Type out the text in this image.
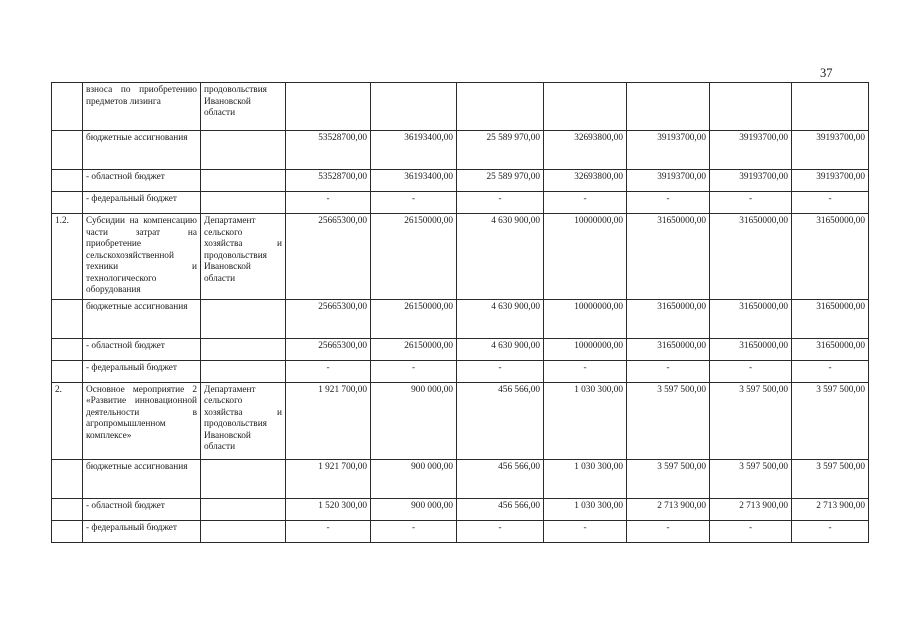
37
	взноса по приобретению предметов лизинга	продовольствия Ивановской области							
	бюджетные ассигнования		53528700,00	36193400,00	25 589 970,00	32693800,00	39193700,00	39193700,00	39193700,00
	- областной бюджет		53528700,00	36193400,00	25 589 970,00	32693800,00	39193700,00	39193700,00	39193700,00
	- федеральный бюджет		-	-	-	-	-	-	-
1.2.	Субсидии на компенсацию части затрат на приобретение сельскохозяйственной техники и технологического оборудования	Департамент сельского хозяйства и продовольствия Ивановской области	25665300,00	26150000,00	4 630 900,00	10000000,00	31650000,00	31650000,00	31650000,00
	бюджетные ассигнования		25665300,00	26150000,00	4 630 900,00	10000000,00	31650000,00	31650000,00	31650000,00
	- областной бюджет		25665300,00	26150000,00	4 630 900,00	10000000,00	31650000,00	31650000,00	31650000,00
	- федеральный бюджет		-	-	-	-	-	-	-
2.	Основное мероприятие 2 «Развитие инновационной деятельности в агропромышленном комплексе»	Департамент сельского хозяйства и продовольствия Ивановской области	1 921 700,00	900 000,00	456 566,00	1 030 300,00	3 597 500,00	3 597 500,00	3 597 500,00
	бюджетные ассигнования		1 921 700,00	900 000,00	456 566,00	1 030 300,00	3 597 500,00	3 597 500,00	3 597 500,00
	- областной бюджет		1 520 300,00	900 000,00	456 566,00	1 030 300,00	2 713 900,00	2 713 900,00	2 713 900,00
	- федеральный бюджет		-	-	-	-	-	-	-
